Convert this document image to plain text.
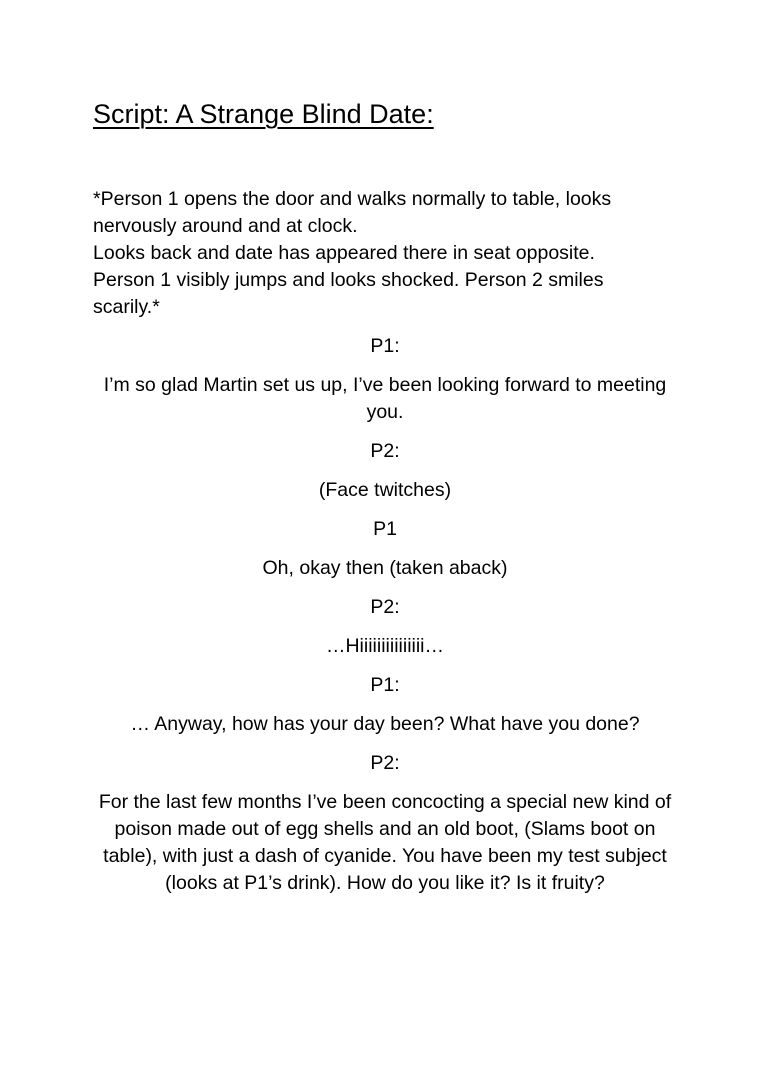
Script: A Strange Blind Date:

*Person 1 opens the door and walks normally to table, looks
nervously around and at clock.
Looks back and date has appeared there in seat opposite.
Person 1 visibly jumps and looks shocked. Person 2 smiles
scarily.*

P1:

I’m so glad Martin set us up, I’ve been looking forward to meeting you.

P2:

(Face twitches)

P1

Oh, okay then (taken aback)

P2:

…Hiiiiiiiiiiiiiii…

P1:

… Anyway, how has your day been? What have you done?

P2:

For the last few months I’ve been concocting a special new kind of poison made out of egg shells and an old boot, (Slams boot on table), with just a dash of cyanide. You have been my test subject (looks at P1’s drink). How do you like it? Is it fruity?
